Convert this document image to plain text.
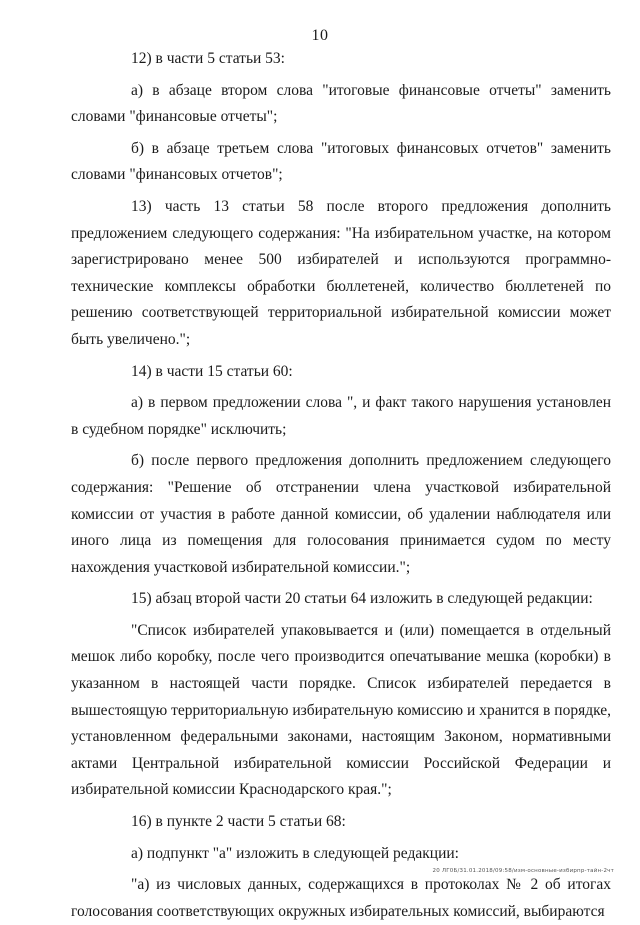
10

12) в части 5 статьи 53:

а) в абзаце втором слова "итоговые финансовые отчеты" заменить словами "финансовые отчеты";

б) в абзаце третьем слова "итоговых финансовых отчетов" заменить словами "финансовых отчетов";

13) часть 13 статьи 58 после второго предложения дополнить предложением следующего содержания: "На избирательном участке, на котором зарегистрировано менее 500 избирателей и используются программно-технические комплексы обработки бюллетеней, количество бюллетеней по решению соответствующей территориальной избирательной комиссии может быть увеличено.";

14) в части 15 статьи 60:

а) в первом предложении слова ", и факт такого нарушения установлен в судебном порядке" исключить;

б) после первого предложения дополнить предложением следующего содержания: "Решение об отстранении члена участковой избирательной комиссии от участия в работе данной комиссии, об удалении наблюдателя или иного лица из помещения для голосования принимается судом по месту нахождения участковой избирательной комиссии.";

15) абзац второй части 20 статьи 64 изложить в следующей редакции:

"Список избирателей упаковывается и (или) помещается в отдельный мешок либо коробку, после чего производится опечатывание мешка (коробки) в указанном в настоящей части порядке. Список избирателей передается в вышестоящую территориальную избирательную комиссию и хранится в порядке, установленном федеральными законами, настоящим Законом, нормативными актами Центральной избирательной комиссии Российской Федерации и избирательной комиссии Краснодарского края.";

16) в пункте 2 части 5 статьи 68:

а) подпункт "а" изложить в следующей редакции:

"а) из числовых данных, содержащихся в протоколах № 2 об итогах голосования соответствующих окружных избирательных комиссий, выбираются

20 ЛГ0Б/31.01.2018/09:58/изм-основные-избирпр-тайн-2чт
